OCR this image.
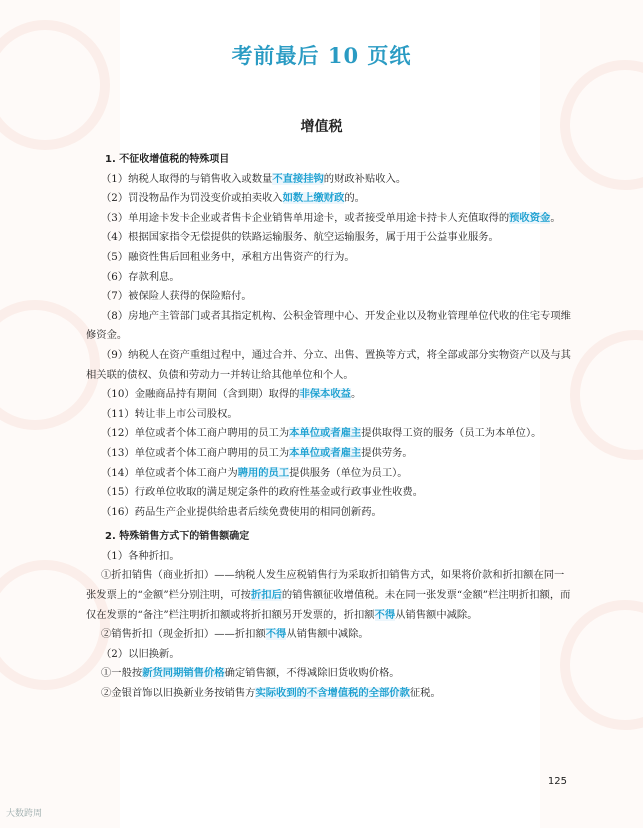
考前最后 10 页纸
增值税

1. 不征收增值税的特殊项目

（1）纳税人取得的与销售收入或数量不直接挂钩的财政补贴收入。

（2）罚没物品作为罚没变价或拍卖收入如数上缴财政的。

（3）单用途卡发卡企业或者售卡企业销售单用途卡，或者接受单用途卡持卡人充值取得的预收资金。

（4）根据国家指令无偿提供的铁路运输服务、航空运输服务，属于用于公益事业服务。

（5）融资性售后回租业务中，承租方出售资产的行为。

（6）存款利息。

（7）被保险人获得的保险赔付。

（8）房地产主管部门或者其指定机构、公积金管理中心、开发企业以及物业管理单位代收的住宅专项维修资金。

（9）纳税人在资产重组过程中，通过合并、分立、出售、置换等方式，将全部或部分实物资产以及与其相关联的债权、负债和劳动力一并转让给其他单位和个人。

（10）金融商品持有期间（含到期）取得的非保本收益。

（11）转让非上市公司股权。

（12）单位或者个体工商户聘用的员工为本单位或者雇主提供取得工资的服务（员工为本单位）。

（13）单位或者个体工商户聘用的员工为本单位或者雇主提供劳务。

（14）单位或者个体工商户为聘用的员工提供服务（单位为员工）。

（15）行政单位收取的满足规定条件的政府性基金或行政事业性收费。

（16）药品生产企业提供给患者后续免费使用的相同创新药。

2. 特殊销售方式下的销售额确定

（1）各种折扣。

①折扣销售（商业折扣）——纳税人发生应税销售行为采取折扣销售方式，如果将价款和折扣额在同一张发票上的“金额”栏分别注明，可按折扣后的销售额征收增值税。未在同一张发票“金额”栏注明折扣额，而仅在发票的“备注”栏注明折扣额或将折扣额另开发票的，折扣额不得从销售额中减除。

②销售折扣（现金折扣）——折扣额不得从销售额中减除。

（2）以旧换新。

①一般按新货同期销售价格确定销售额，不得减除旧货收购价格。

②金银首饰以旧换新业务按销售方实际收到的不含增值税的全部价款征税。

125
大数跨周
